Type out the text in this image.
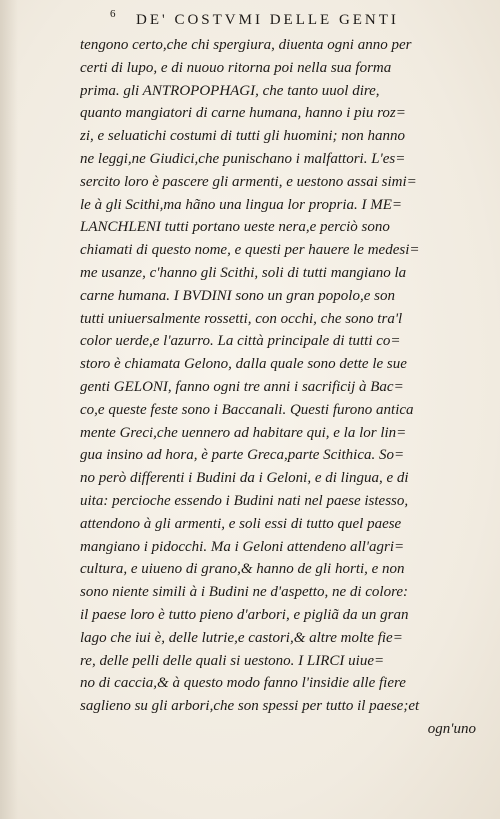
6 DE' COSTVMI DELLE GENTI
tengono certo,che chi spergiura, diuenta ogni anno per
certi di lupo, e di nuouo ritorna poi nella sua forma
prima. gli ANTROPOPHAGI, che tanto uuol dire,
quanto mangiatori di carne humana, hanno i piu roz=
zi, e seluatichi costumi di tutti gli huomini; non hanno
ne leggi,ne Giudici,che punischano i malfattori. L'es=
sercito loro è pascere gli armenti, e uestono assai simi=
le à gli Scithi,ma hãno una lingua lor propria. I ME=
LANCHLENI tutti portano ueste nera,e perciò sono
chiamati di questo nome, e questi per hauere le medesi=
me usanze, c'hanno gli Scithi, soli di tutti mangiano la
carne humana. I BVDINI sono un gran popolo,e son
tutti uniuersalmente rossetti, con occhi, che sono tra'l
color uerde,e l'azurro. La città principale di tutti co=
storo è chiamata Gelono, dalla quale sono dette le sue
genti GELONI, fanno ogni tre anni i sacrificij à Bac=
co,e queste feste sono i Baccanali. Questi furono antica
mente Greci,che uennero ad habitare qui, e la lor lin=
gua insino ad hora, è parte Greca,parte Scithica. So=
no però differenti i Budini da i Geloni, e di lingua, e di
uita: percioche essendo i Budini nati nel paese istesso,
attendono à gli armenti, e soli essi di tutto quel paese
mangiano i pidocchi. Ma i Geloni attendeno all'agri=
cultura, e uiueno di grano,& hanno de gli horti, e non
sono niente simili à i Budini ne d'aspetto, ne di colore:
il paese loro è tutto pieno d'arbori, e pigliã da un gran
lago che iui è, delle lutrie,e castori,& altre molte fie=
re, delle pelli delle quali si uestono. I LIRCI uiue=
no di caccia,& à questo modo fanno l'insidie alle fiere
saglieno su gli arbori,che son spessi per tutto il paese;et
ogn'uno
